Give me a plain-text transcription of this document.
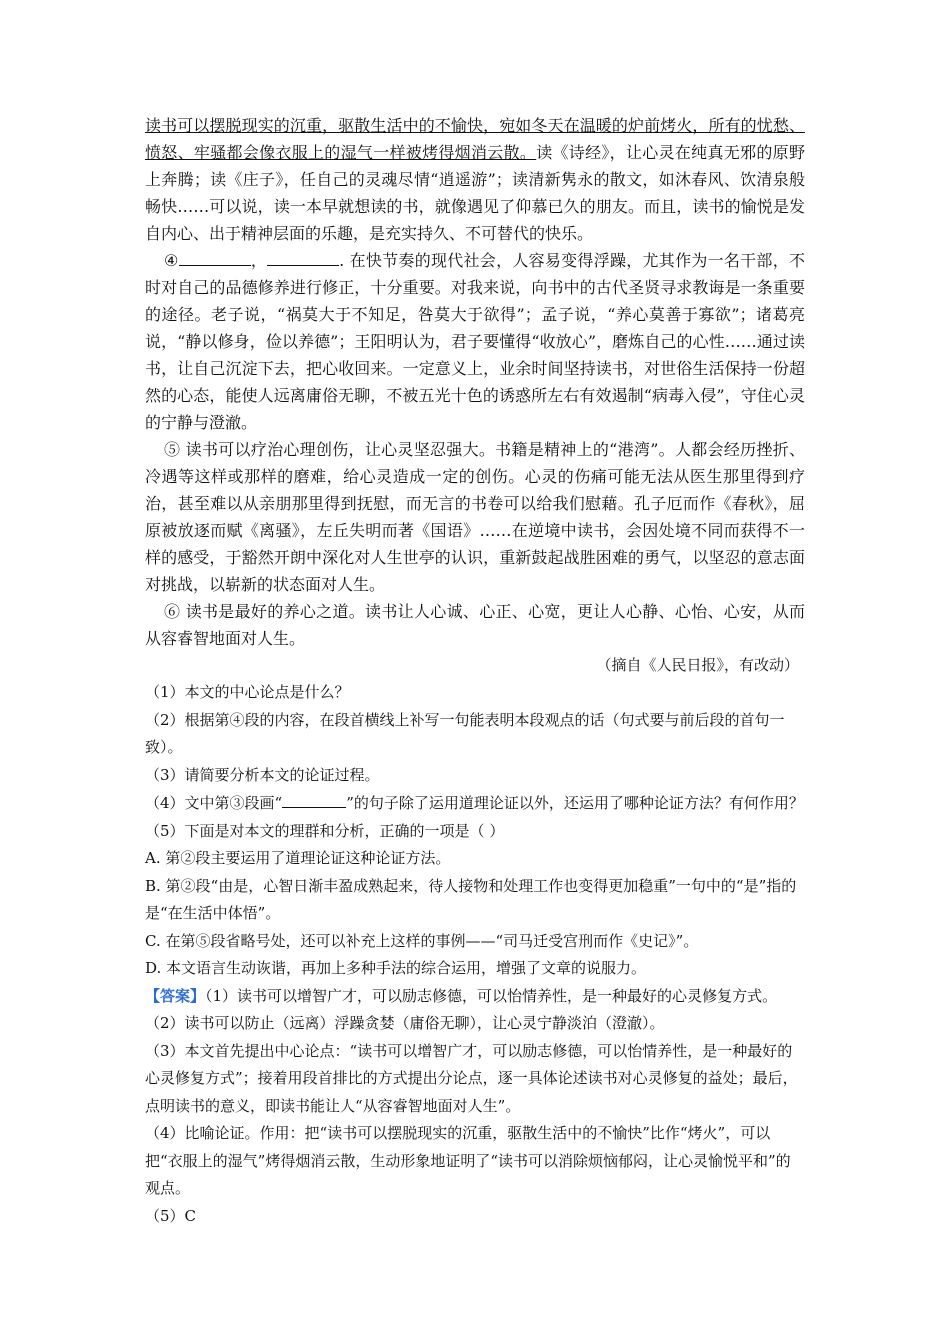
读书可以摆脱现实的沉重，驱散生活中的不愉快，宛如冬天在温暖的炉前烤火，所有的忧愁、愤怒、牢骚都会像衣服上的湿气一样被烤得烟消云散。读《诗经》，让心灵在纯真无邪的原野上奔腾；读《庄子》，任自己的灵魂尽情“逍遥游”；读清新隽永的散文，如沐春风、饮清泉般畅快……可以说，读一本早就想读的书，就像遇见了仰慕已久的朋友。而且，读书的愉悦是发自内心、出于精神层面的乐趣，是充实持久、不可替代的快乐。

④	，	. 在快节奏的现代社会，人容易变得浮躁，尤其作为一名干部，不时对自己的品德修养进行修正，十分重要。对我来说，向书中的古代圣贤寻求教诲是一条重要的途径。老子说，“祸莫大于不知足，咎莫大于欲得”；孟子说，“养心莫善于寡欲”；诸葛亮说，“静以修身，俭以养德”；王阳明认为，君子要懂得“收放心”，磨炼自己的心性……通过读书，让自己沉淀下去，把心收回来。一定意义上，业余时间坚持读书，对世俗生活保持一份超然的心态，能使人远离庸俗无聊，不被五光十色的诱惑所左右有效遏制“病毒入侵”，守住心灵的宁静与澄澈。

⑤ 读书可以疗治心理创伤，让心灵坚忍强大。书籍是精神上的“港湾”。人都会经历挫折、冷遇等这样或那样的磨难，给心灵造成一定的创伤。心灵的伤痛可能无法从医生那里得到疗治，甚至难以从亲朋那里得到抚慰，而无言的书卷可以给我们慰藉。孔子厄而作《春秋》，屈原被放逐而赋《离骚》，左丘失明而著《国语》……在逆境中读书，会因处境不同而获得不一样的感受，于豁然开朗中深化对人生世亭的认识，重新鼓起战胜困难的勇气，以坚忍的意志面对挑战，以崭新的状态面对人生。

⑥ 读书是最好的养心之道。读书让人心诚、心正、心宽，更让人心静、心怡、心安，从而从容睿智地面对人生。

（摘自《人民日报》，有改动）

（1）本文的中心论点是什么？

（2）根据第④段的内容，在段首横线上补写一句能表明本段观点的话（句式要与前后段的首句一致）。

（3）请简要分析本文的论证过程。

（4）文中第③段画“	”的句子除了运用道理论证以外，还运用了哪种论证方法？有何作用？

（5）下面是对本文的理群和分析，正确的一项是（ ）

A. 第②段主要运用了道理论证这种论证方法。

B. 第②段“由是，心智日渐丰盈成熟起来，待人接物和处理工作也变得更加稳重”一句中的“是”指的是“在生活中体悟”。

C. 在第⑤段省略号处，还可以补充上这样的事例——“司马迁受宫刑而作《史记》”。

D. 本文语言生动诙谐，再加上多种手法的综合运用，增强了文章的说服力。

【答案】（1）读书可以增智广才，可以励志修德，可以怡情养性，是一种最好的心灵修复方式。

（2）读书可以防止（远离）浮躁贪婪（庸俗无聊），让心灵宁静淡泊（澄澈）。

（3）本文首先提出中心论点：“读书可以增智广才，可以励志修德，可以怡情养性，是一种最好的心灵修复方式”；接着用段首排比的方式提出分论点，逐一具体论述读书对心灵修复的益处；最后，点明读书的意义，即读书能让人“从容睿智地面对人生”。

（4）比喻论证。作用：把“读书可以摆脱现实的沉重，驱散生活中的不愉快”比作“烤火”，可以把“衣服上的湿气”烤得烟消云散，生动形象地证明了“读书可以消除烦恼郁闷，让心灵愉悦平和”的观点。

（5）C
